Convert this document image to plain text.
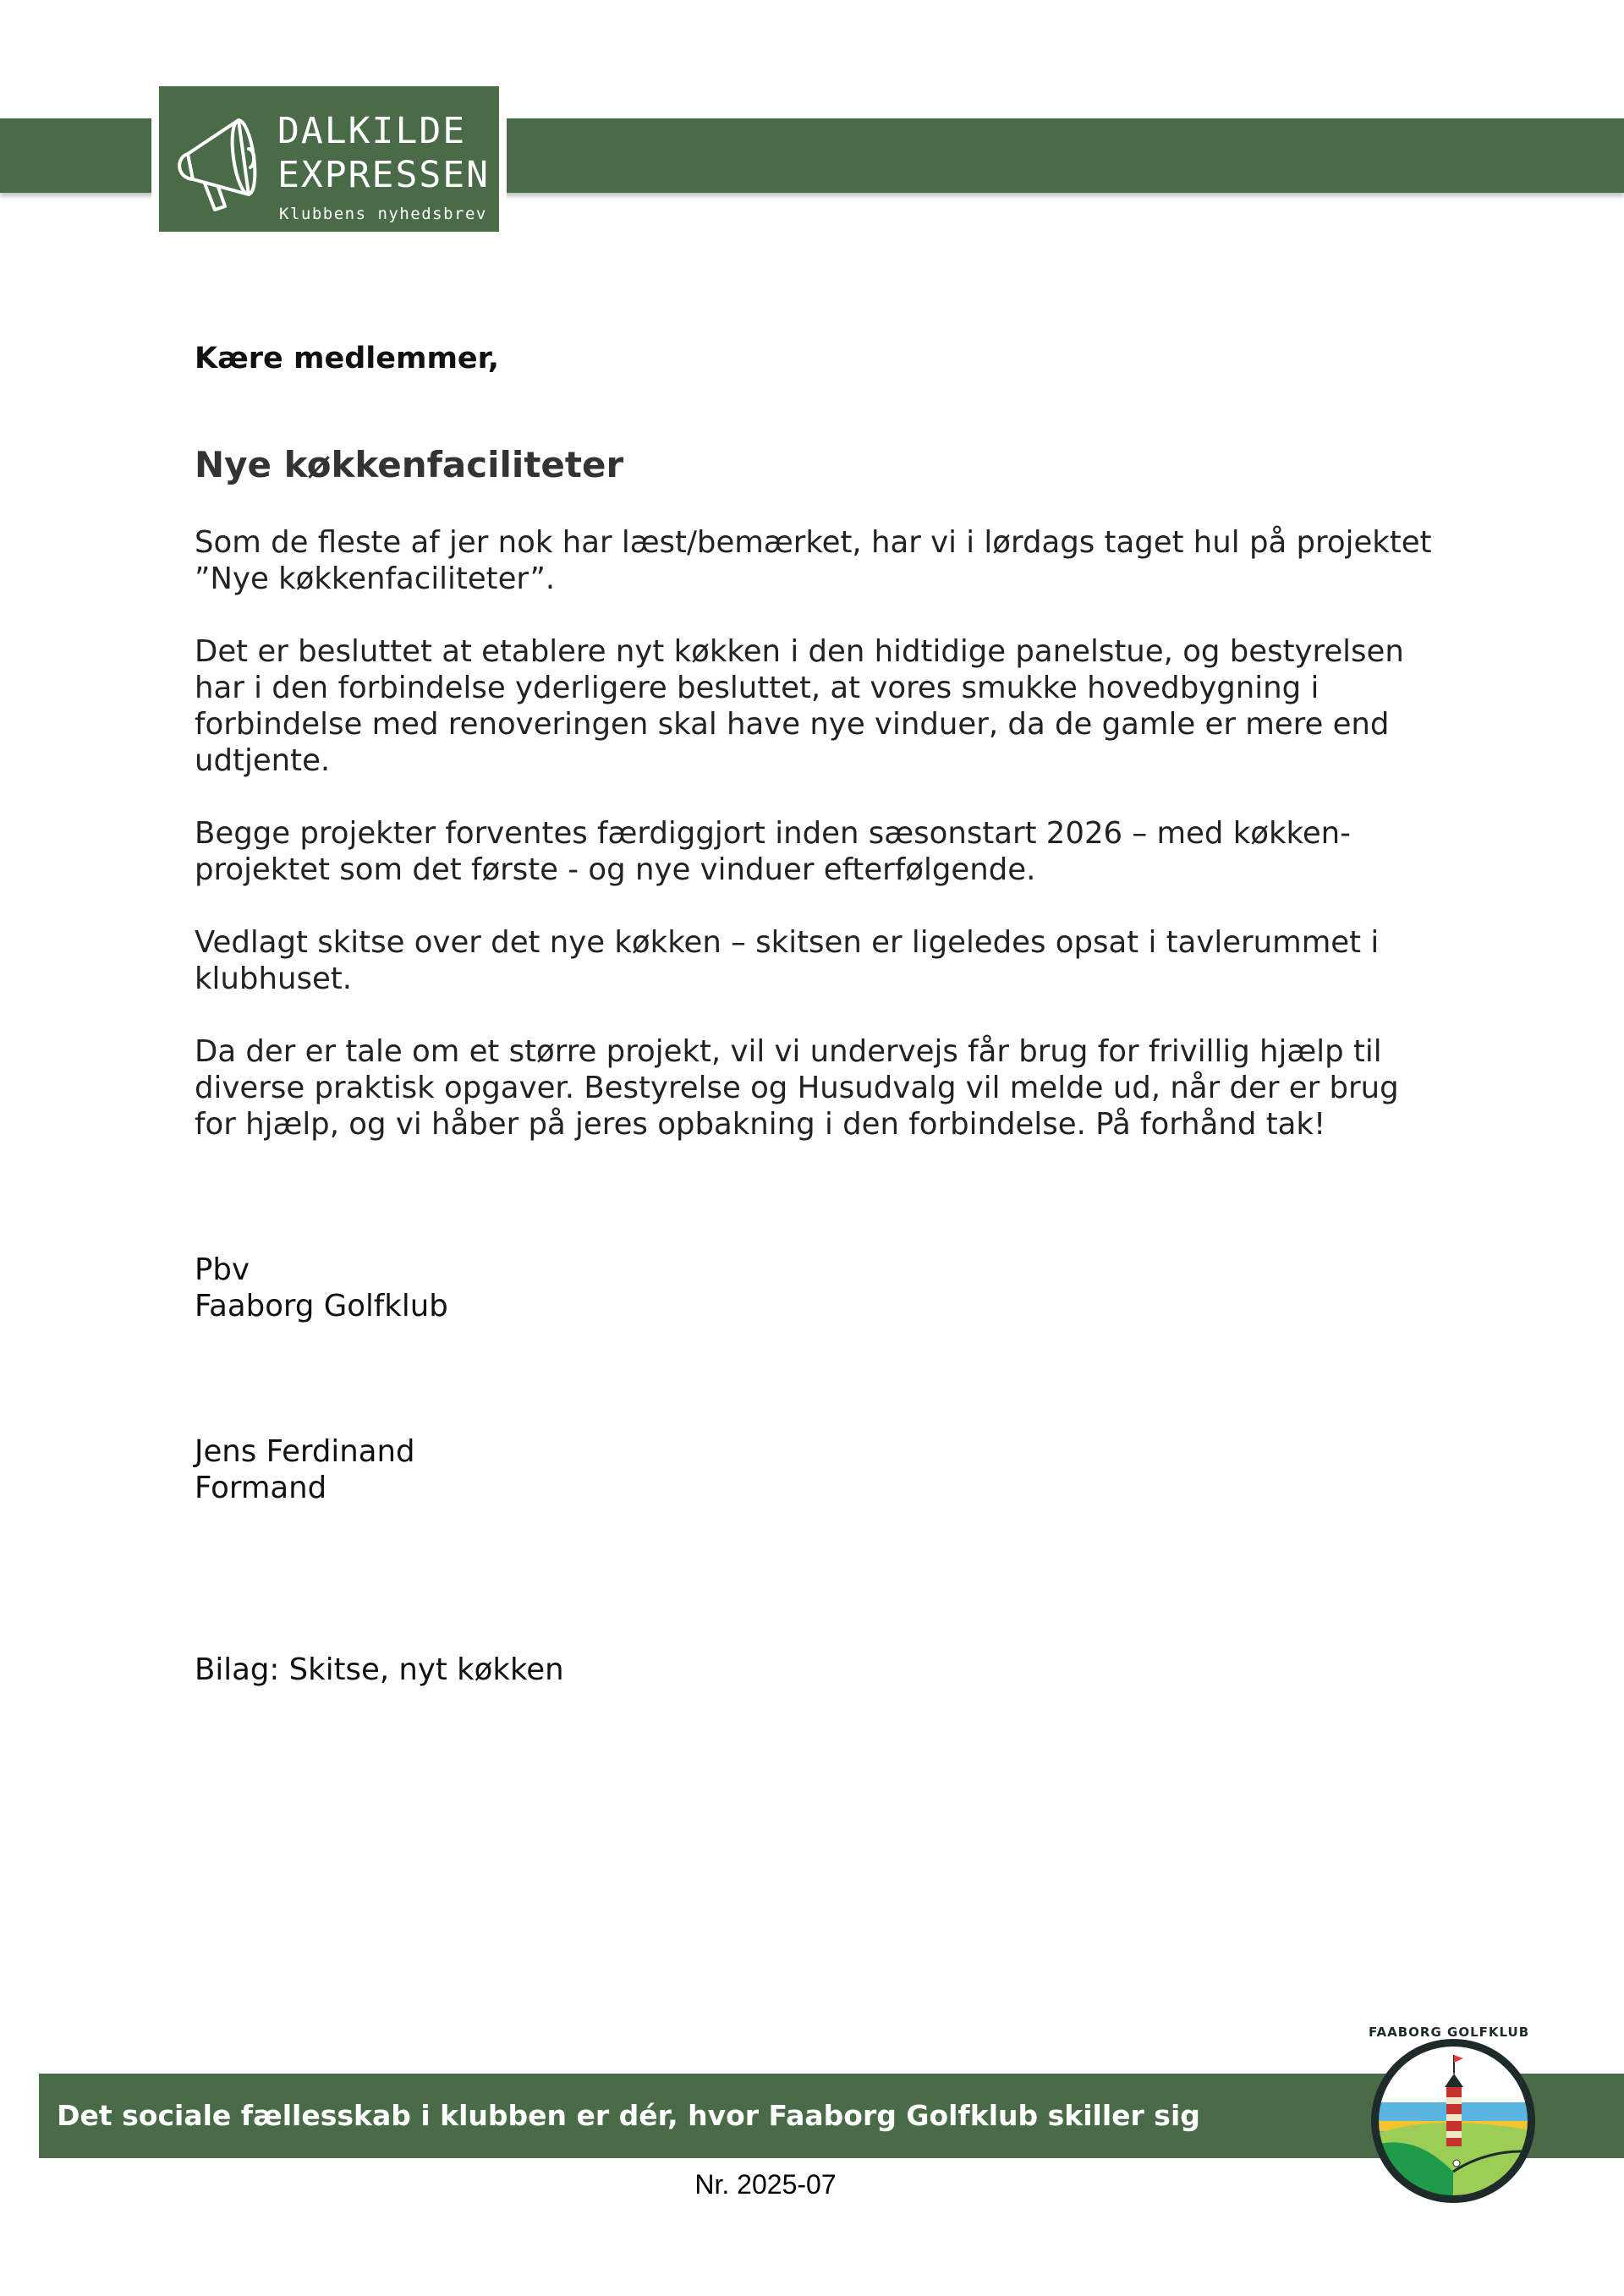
DALKILDE
EXPRESSEN
Klubbens nyhedsbrev

Kære medlemmer,

Nye køkkenfaciliteter

Som de fleste af jer nok har læst/bemærket, har vi i lørdags taget hul på projektet ”Nye køkkenfaciliteter”.

Det er besluttet at etablere nyt køkken i den hidtidige panelstue, og bestyrelsen har i den forbindelse yderligere besluttet, at vores smukke hovedbygning i forbindelse med renoveringen skal have nye vinduer, da de gamle er mere end udtjente.

Begge projekter forventes færdiggjort inden sæsonstart 2026 – med køkken-projektet som det første - og nye vinduer efterfølgende.

Vedlagt skitse over det nye køkken – skitsen er ligeledes opsat i tavlerummet i klubhuset.

Da der er tale om et større projekt, vil vi undervejs får brug for frivillig hjælp til diverse praktisk opgaver. Bestyrelse og Husudvalg vil melde ud, når der er brug for hjælp, og vi håber på jeres opbakning i den forbindelse. På forhånd tak!

Pbv

Faaborg Golfklub

Jens Ferdinand

Formand

Bilag: Skitse, nyt køkken

Det sociale fællesskab i klubben er dér, hvor Faaborg Golfklub skiller sig ud!
FAABORG GOLFKLUB
Nr. 2025-07
